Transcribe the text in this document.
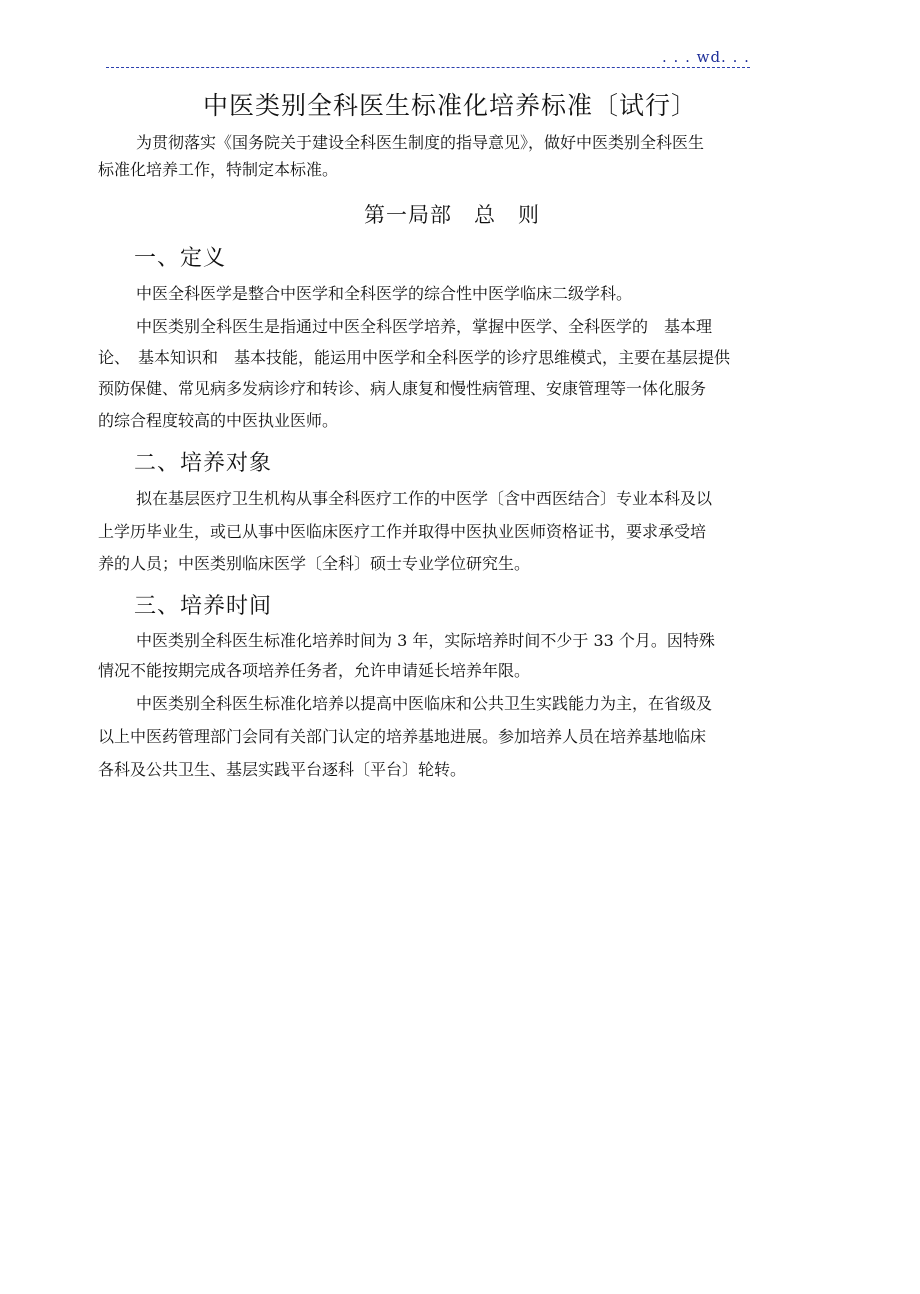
. . . wd. . .
中医类别全科医生标准化培养标准〔试行〕
为贯彻落实《国务院关于建设全科医生制度的指导意见》，做好中医类别全科医生
标准化培养工作，特制定本标准。
第一局部　总　则
一、定义
中医全科医学是整合中医学和全科医学的综合性中医学临床二级学科。
中医类别全科医生是指通过中医全科医学培养，掌握中医学、全科医学的　基本理
论、　基本知识和　基本技能，能运用中医学和全科医学的诊疗思维模式，主要在基层提供
预防保健、常见病多发病诊疗和转诊、病人康复和慢性病管理、安康管理等一体化服务
的综合程度较高的中医执业医师。
二、培养对象
拟在基层医疗卫生机构从事全科医疗工作的中医学〔含中西医结合〕专业本科及以
上学历毕业生，或已从事中医临床医疗工作并取得中医执业医师资格证书，要求承受培
养的人员；中医类别临床医学〔全科〕硕士专业学位研究生。
三、培养时间
中医类别全科医生标准化培养时间为 3 年，实际培养时间不少于 33 个月。因特殊
情况不能按期完成各项培养任务者，允许申请延长培养年限。
中医类别全科医生标准化培养以提高中医临床和公共卫生实践能力为主，在省级及
以上中医药管理部门会同有关部门认定的培养基地进展。参加培养人员在培养基地临床
各科及公共卫生、基层实践平台逐科〔平台〕轮转。
